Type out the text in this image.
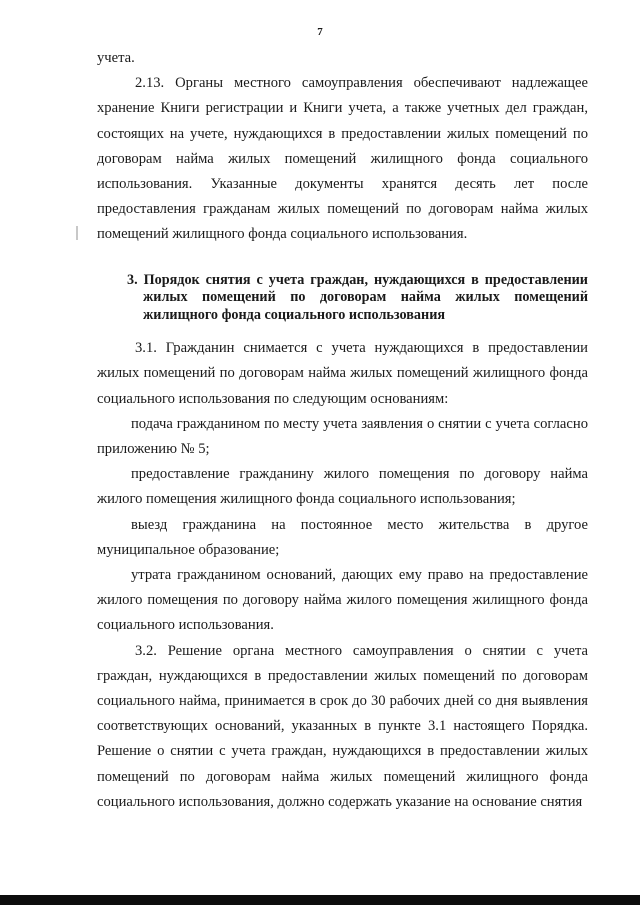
7

учета.

2.13. Органы местного самоуправления обеспечивают надлежащее хранение Книги регистрации и Книги учета, а также учетных дел граждан, состоящих на учете, нуждающихся в предоставлении жилых помещений по договорам найма жилых помещений жилищного фонда социального использования. Указанные документы хранятся десять лет после предоставления гражданам жилых помещений по договорам найма жилых помещений жилищного фонда социального использования.

3. Порядок снятия с учета граждан, нуждающихся в предоставлении жилых помещений по договорам найма жилых помещений жилищного фонда социального использования

3.1. Гражданин снимается с учета нуждающихся в предоставлении жилых помещений по договорам найма жилых помещений жилищного фонда социального использования по следующим основаниям:

подача гражданином по месту учета заявления о снятии с учета согласно приложению № 5;

предоставление гражданину жилого помещения по договору найма жилого помещения жилищного фонда социального использования;

выезд гражданина на постоянное место жительства в другое муниципальное образование;

утрата гражданином оснований, дающих ему право на предоставление жилого помещения по договору найма жилого помещения жилищного фонда социального использования.

3.2. Решение органа местного самоуправления о снятии с учета граждан, нуждающихся в предоставлении жилых помещений по договорам социального найма, принимается в срок до 30 рабочих дней со дня выявления соответствующих оснований, указанных в пункте 3.1 настоящего Порядка. Решение о снятии с учета граждан, нуждающихся в предоставлении жилых помещений по договорам найма жилых помещений жилищного фонда социального использования, должно содержать указание на основание снятия
